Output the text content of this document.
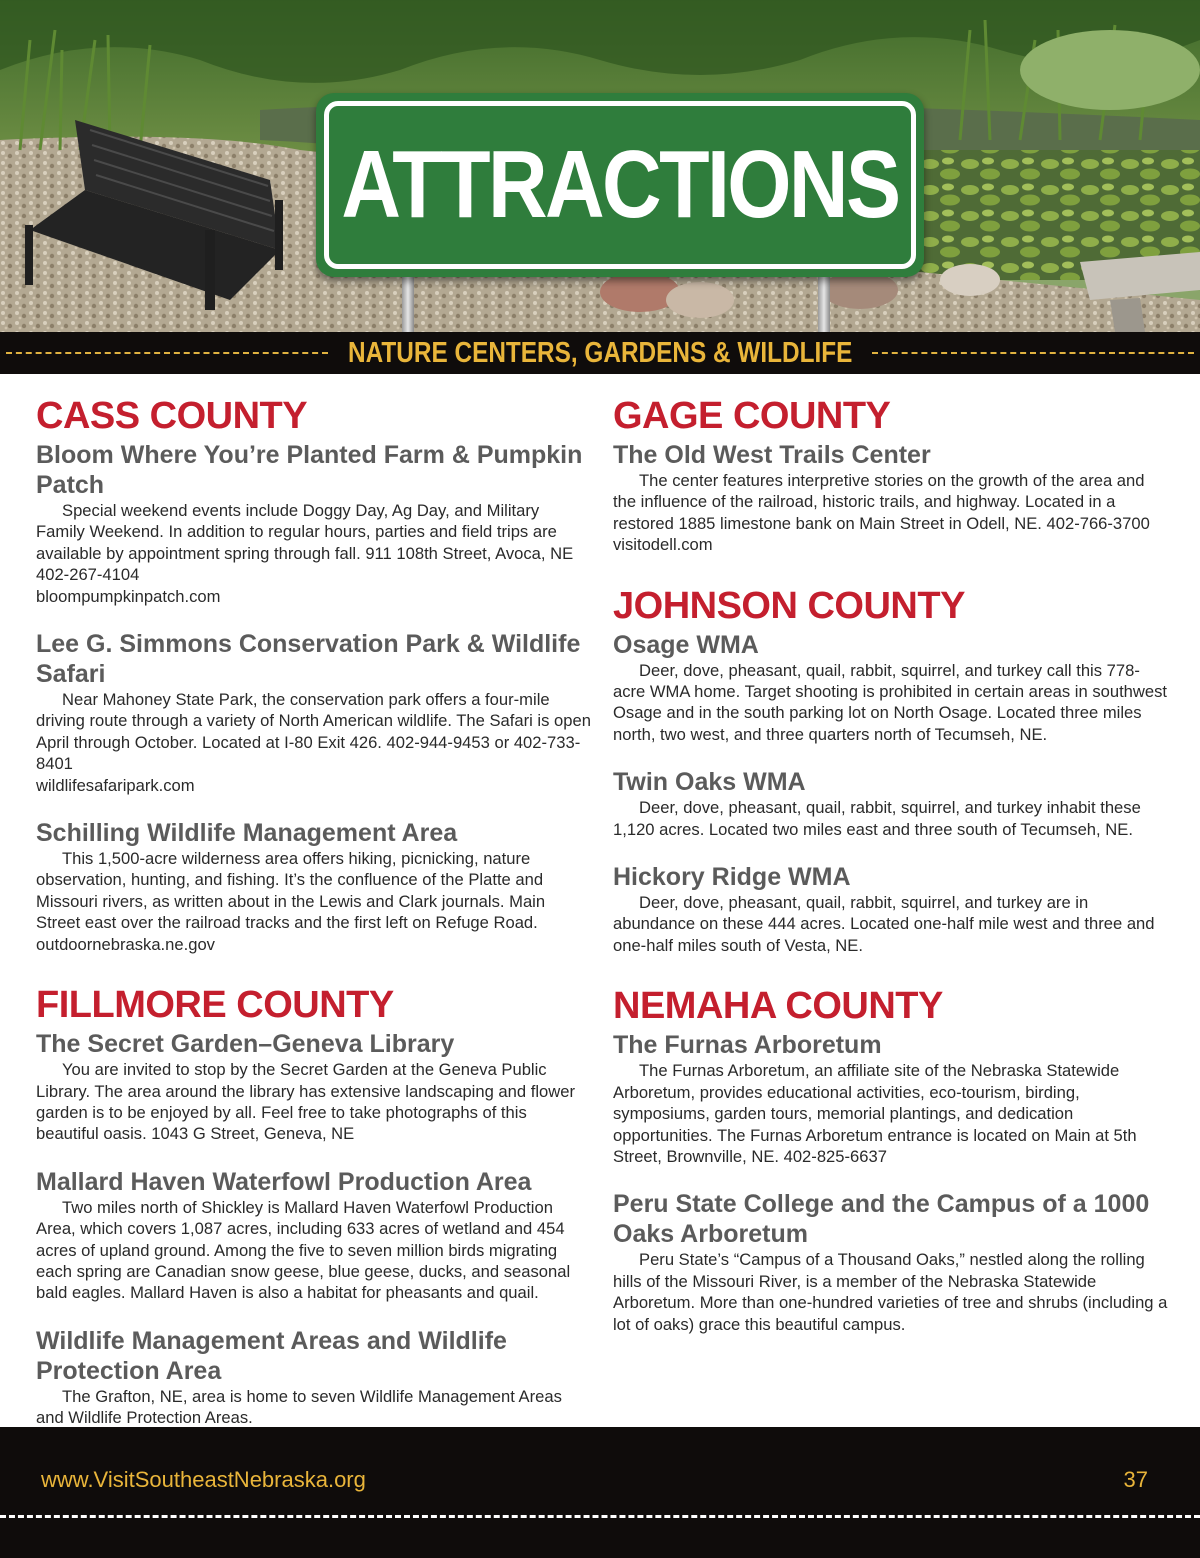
ATTRACTIONS
NATURE CENTERS, GARDENS & WILDLIFE
CASS COUNTY
Bloom Where You’re Planted Farm & Pumpkin Patch

Special weekend events include Doggy Day, Ag Day, and Military Family Weekend. In addition to regular hours, parties and field trips are available by appointment spring through fall. 911 108th Street, Avoca, NE 402-267-4104

bloompumpkinpatch.com

Lee G. Simmons Conservation Park & Wildlife Safari

Near Mahoney State Park, the conservation park offers a four-mile driving route through a variety of North American wildlife. The Safari is open April through October. Located at I-80 Exit 426. 402-944-9453 or 402-733-8401

wildlifesafaripark.com

Schilling Wildlife Management Area

This 1,500-acre wilderness area offers hiking, picnicking, nature observation, hunting, and fishing. It’s the confluence of the Platte and Missouri rivers, as written about in the Lewis and Clark journals. Main Street east over the railroad tracks and the first left on Refuge Road. outdoornebraska.ne.gov

FILLMORE COUNTY
The Secret Garden–Geneva Library

You are invited to stop by the Secret Garden at the Geneva Public Library. The area around the library has extensive landscaping and flower garden is to be enjoyed by all. Feel free to take photographs of this beautiful oasis. 1043 G Street, Geneva, NE

Mallard Haven Waterfowl Production Area

Two miles north of Shickley is Mallard Haven Waterfowl Production Area, which covers 1,087 acres, including 633 acres of wetland and 454 acres of upland ground. Among the five to seven million birds migrating each spring are Canadian snow geese, blue geese, ducks, and seasonal bald eagles. Mallard Haven is also a habitat for pheasants and quail.

Wildlife Management Areas and Wildlife Protection Area

The Grafton, NE, area is home to seven Wildlife Management Areas and Wildlife Protection Areas.

GAGE COUNTY
The Old West Trails Center

The center features interpretive stories on the growth of the area and the influence of the railroad, historic trails, and highway. Located in a restored 1885 limestone bank on Main Street in Odell, NE. 402-766-3700

visitodell.com

JOHNSON COUNTY
Osage WMA

Deer, dove, pheasant, quail, rabbit, squirrel, and turkey call this 778-acre WMA home. Target shooting is prohibited in certain areas in southwest Osage and in the south parking lot on North Osage. Located three miles north, two west, and three quarters north of Tecumseh, NE.

Twin Oaks WMA

Deer, dove, pheasant, quail, rabbit, squirrel, and turkey inhabit these 1,120 acres. Located two miles east and three south of Tecumseh, NE.

Hickory Ridge WMA

Deer, dove, pheasant, quail, rabbit, squirrel, and turkey are in abundance on these 444 acres. Located one-half mile west and three and one-half miles south of Vesta, NE.

NEMAHA COUNTY
The Furnas Arboretum

The Furnas Arboretum, an affiliate site of the Nebraska Statewide Arboretum, provides educational activities, eco-tourism, birding, symposiums, garden tours, memorial plantings, and dedication opportunities. The Furnas Arboretum entrance is located on Main at 5th Street, Brownville, NE. 402-825-6637

Peru State College and the Campus of a 1000 Oaks Arboretum

Peru State’s “Campus of a Thousand Oaks,” nestled along the rolling hills of the Missouri River, is a member of the Nebraska Statewide Arboretum. More than one-hundred varieties of tree and shrubs (including a lot of oaks) grace this beautiful campus.

www.VisitSoutheastNebraska.org	37
